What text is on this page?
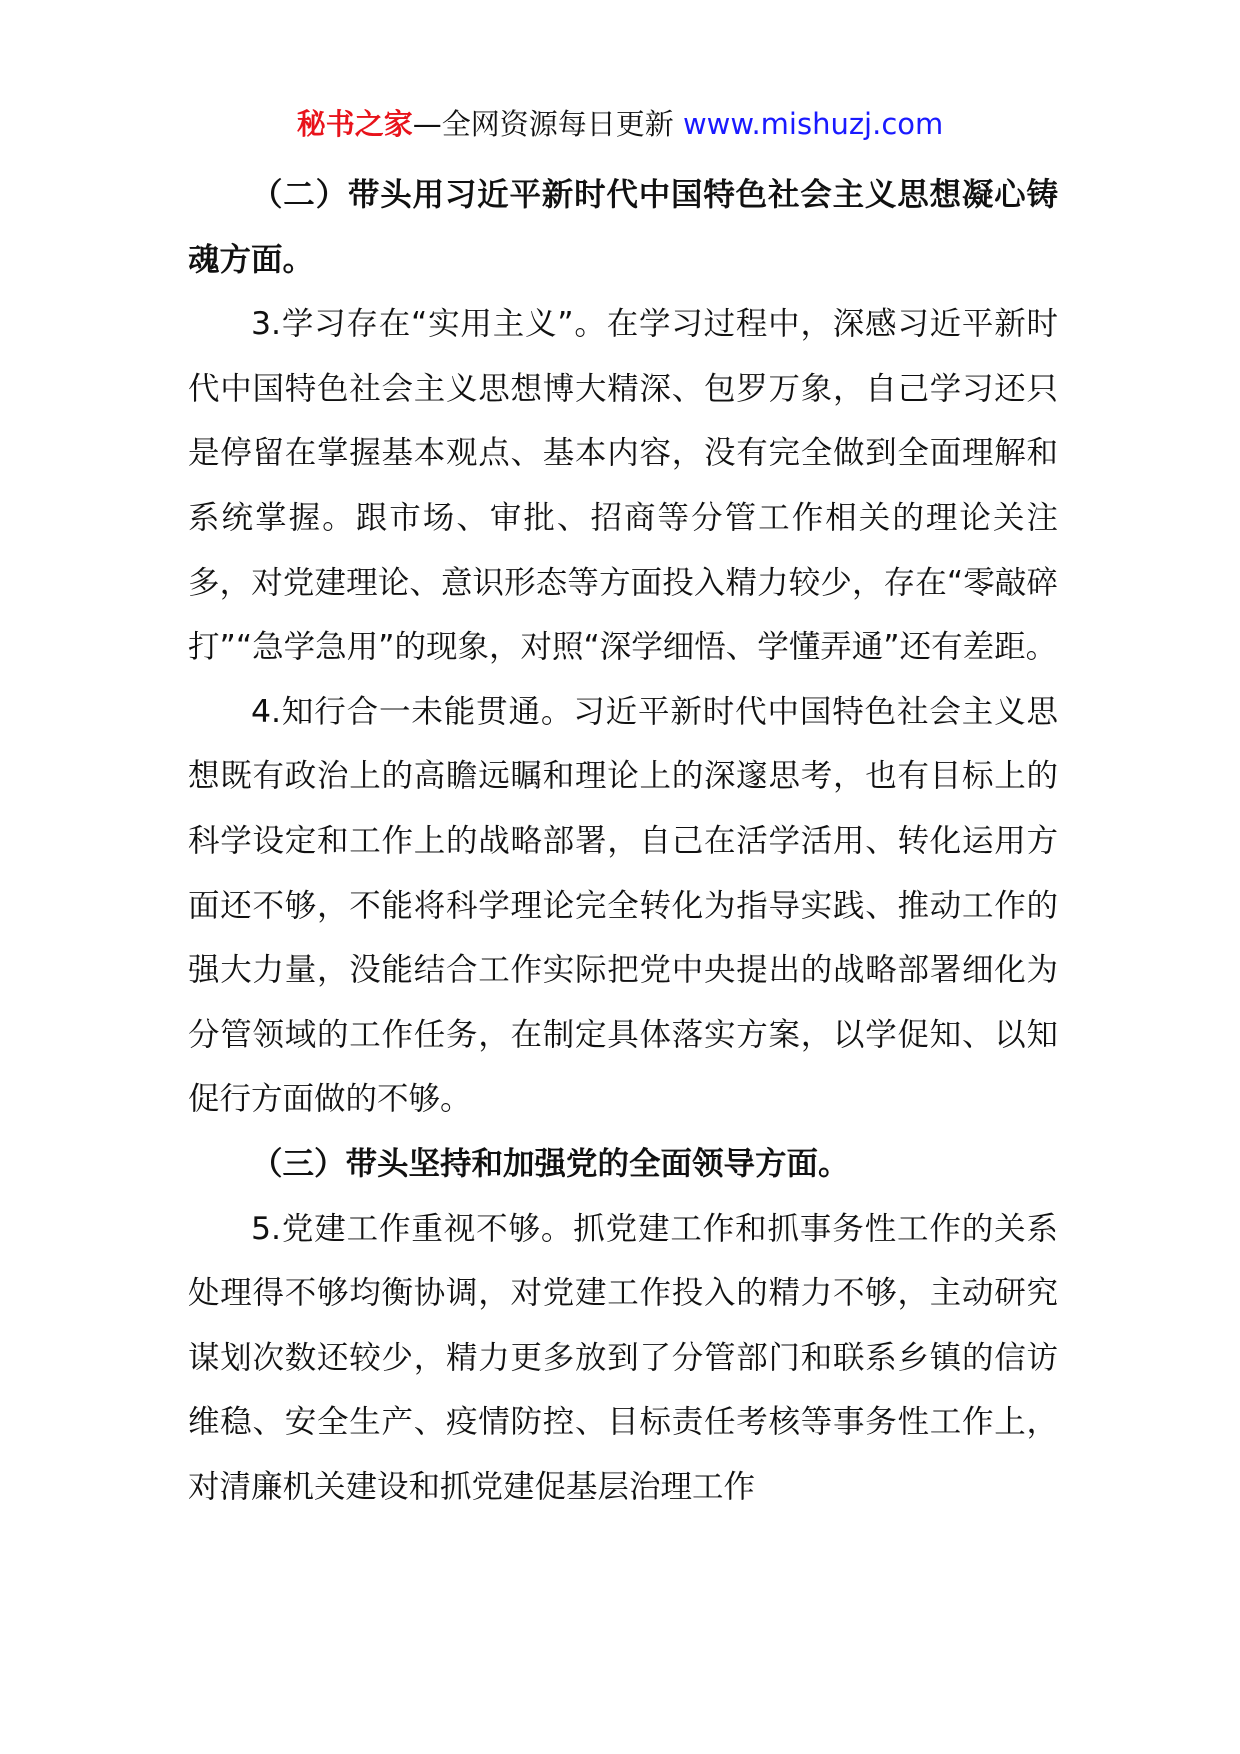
秘书之家—全网资源每日更新 www.mishuzj.com

（二）带头用习近平新时代中国特色社会主义思想凝心铸魂方面。

3.学习存在“实用主义”。在学习过程中，深感习近平新时代中国特色社会主义思想博大精深、包罗万象，自己学习还只是停留在掌握基本观点、基本内容，没有完全做到全面理解和系统掌握。跟市场、审批、招商等分管工作相关的理论关注多，对党建理论、意识形态等方面投入精力较少，存在“零敲碎打”“急学急用”的现象，对照“深学细悟、学懂弄通”还有差距。

4.知行合一未能贯通。习近平新时代中国特色社会主义思想既有政治上的高瞻远瞩和理论上的深邃思考，也有目标上的科学设定和工作上的战略部署，自己在活学活用、转化运用方面还不够，不能将科学理论完全转化为指导实践、推动工作的强大力量，没能结合工作实际把党中央提出的战略部署细化为分管领域的工作任务，在制定具体落实方案，以学促知、以知促行方面做的不够。

（三）带头坚持和加强党的全面领导方面。

5.党建工作重视不够。抓党建工作和抓事务性工作的关系处理得不够均衡协调，对党建工作投入的精力不够，主动研究谋划次数还较少，精力更多放到了分管部门和联系乡镇的信访维稳、安全生产、疫情防控、目标责任考核等事务性工作上，对清廉机关建设和抓党建促基层治理工作
